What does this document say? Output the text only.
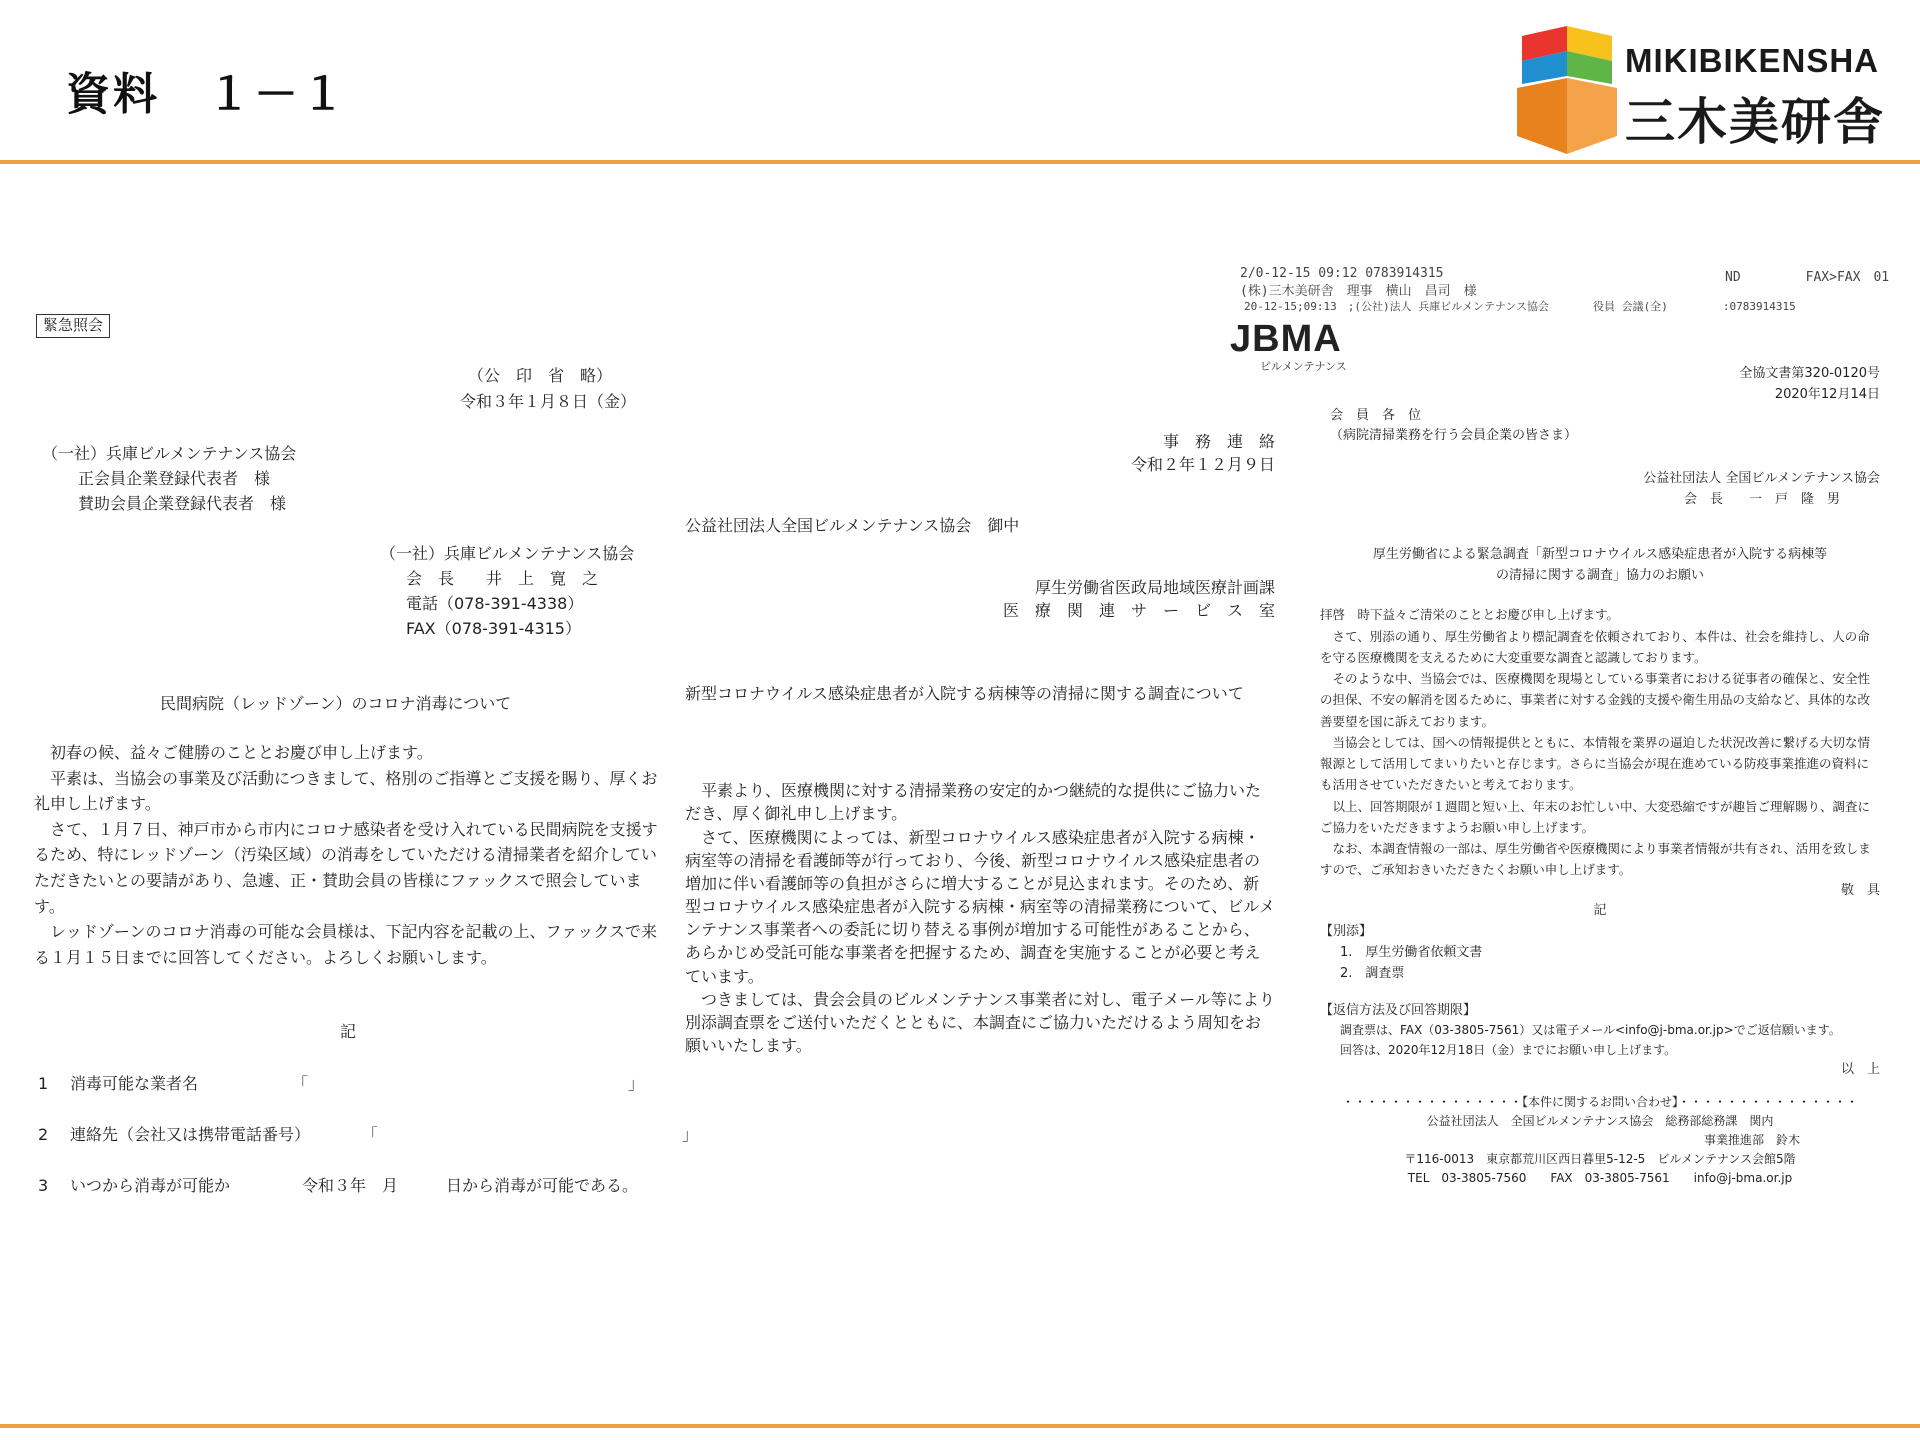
資料　１－１
MIKIBIKENSHA
三木美研舎
緊急照会

（公　印　省　略）

令和３年１月８日（金）

（一社）兵庫ビルメンテナンス協会

正会員企業登録代表者　様

賛助会員企業登録代表者　様

（一社）兵庫ビルメンテナンス協会

会　長　　井　上　寛　之

電話（078-391-4338）

FAX（078-391-4315）

民間病院（レッドゾーン）のコロナ消毒について

初春の候、益々ご健勝のこととお慶び申し上げます。

平素は、当協会の事業及び活動につきまして、格別のご指導とご支援を賜り、厚くお礼申し上げます。

さて、１月７日、神戸市から市内にコロナ感染者を受け入れている民間病院を支援するため、特にレッドゾーン（汚染区域）の消毒をしていただける清掃業者を紹介していただきたいとの要請があり、急遽、正・賛助会員の皆様にファックスで照会しています。

レッドゾーンのコロナ消毒の可能な会員様は、下記内容を記載の上、ファックスで来る１月１５日までに回答してください。よろしくお願いします。

記

1 消毒可能な業者名	「　　　　　　　　　　　　　　　　　　　　」

2 連絡先（会社又は携帯電話番号）	「　　　　　　　　　　　　　　　　　　　」

3 いつから消毒が可能か	令和３年　月　　　日から消毒が可能である。

事　務　連　絡

令和２年１２月９日

公益社団法人全国ビルメンテナンス協会　御中

厚生労働省医政局地域医療計画課

医　療　関　連　サ　ー　ビ　ス　室

新型コロナウイルス感染症患者が入院する病棟等の清掃に関する調査について

平素より、医療機関に対する清掃業務の安定的かつ継続的な提供にご協力いただき、厚く御礼申し上げます。

さて、医療機関によっては、新型コロナウイルス感染症患者が入院する病棟・病室等の清掃を看護師等が行っており、今後、新型コロナウイルス感染症患者の増加に伴い看護師等の負担がさらに増大することが見込まれます。そのため、新型コロナウイルス感染症患者が入院する病棟・病室等の清掃業務について、ビルメンテナンス事業者への委託に切り替える事例が増加する可能性があることから、あらかじめ受託可能な事業者を把握するため、調査を実施することが必要と考えています。

つきましては、貴会会員のビルメンテナンス事業者に対し、電子メール等により別添調査票をご送付いただくとともに、本調査にご協力いただけるよう周知をお願いいたします。

2/0-12-15 09:12 0783914315	ND　　　　　FAX>FAX　01
(株)三木美研舎　理事　横山　昌司　様
20-12-15;09:13　;(公社)法人 兵庫ビルメンテナンス協会　　　　役員 会議(全)　　　　　:0783914315
JBMA
ビルメンテナンス	全協文書第320-0120号

2020年12月14日

会　員　各　位

（病院清掃業務を行う会員企業の皆さま）

公益社団法人 全国ビルメンテナンス協会

会　長　　一　戸　隆　男

厚生労働省による緊急調査「新型コロナウイルス感染症患者が入院する病棟等

の清掃に関する調査」協力のお願い

拝啓　時下益々ご清栄のこととお慶び申し上げます。

さて、別添の通り、厚生労働省より標記調査を依頼されており、本件は、社会を維持し、人の命を守る医療機関を支えるために大変重要な調査と認識しております。

そのような中、当協会では、医療機関を現場としている事業者における従事者の確保と、安全性の担保、不安の解消を図るために、事業者に対する金銭的支援や衛生用品の支給など、具体的な改善要望を国に訴えております。

当協会としては、国への情報提供とともに、本情報を業界の逼迫した状況改善に繋げる大切な情報源として活用してまいりたいと存じます。さらに当協会が現在進めている防疫事業推進の資料にも活用させていただきたいと考えております。

以上、回答期限が１週間と短い上、年末のお忙しい中、大変恐縮ですが趣旨ご理解賜り、調査にご協力をいただきますようお願い申し上げます。

なお、本調査情報の一部は、厚生労働省や医療機関により事業者情報が共有され、活用を致しますので、ご承知おきいただきたくお願い申し上げます。

敬　具

記

【別添】

1.　厚生労働省依頼文書

2.　調査票

【返信方法及び回答期限】

調査票は、FAX（03-3805-7561）又は電子メール<info@j-bma.or.jp>でご返信願います。

回答は、2020年12月18日（金）までにお願い申し上げます。

以　上

・・・・・・・・・・・・・・・【本件に関するお問い合わせ】・・・・・・・・・・・・・・・

公益社団法人　全国ビルメンテナンス協会　総務部総務課　関内

事業推進部　鈴木

〒116-0013　東京都荒川区西日暮里5-12-5　ビルメンテナンス会館5階

TEL　03-3805-7560　　FAX　03-3805-7561　　info@j-bma.or.jp
